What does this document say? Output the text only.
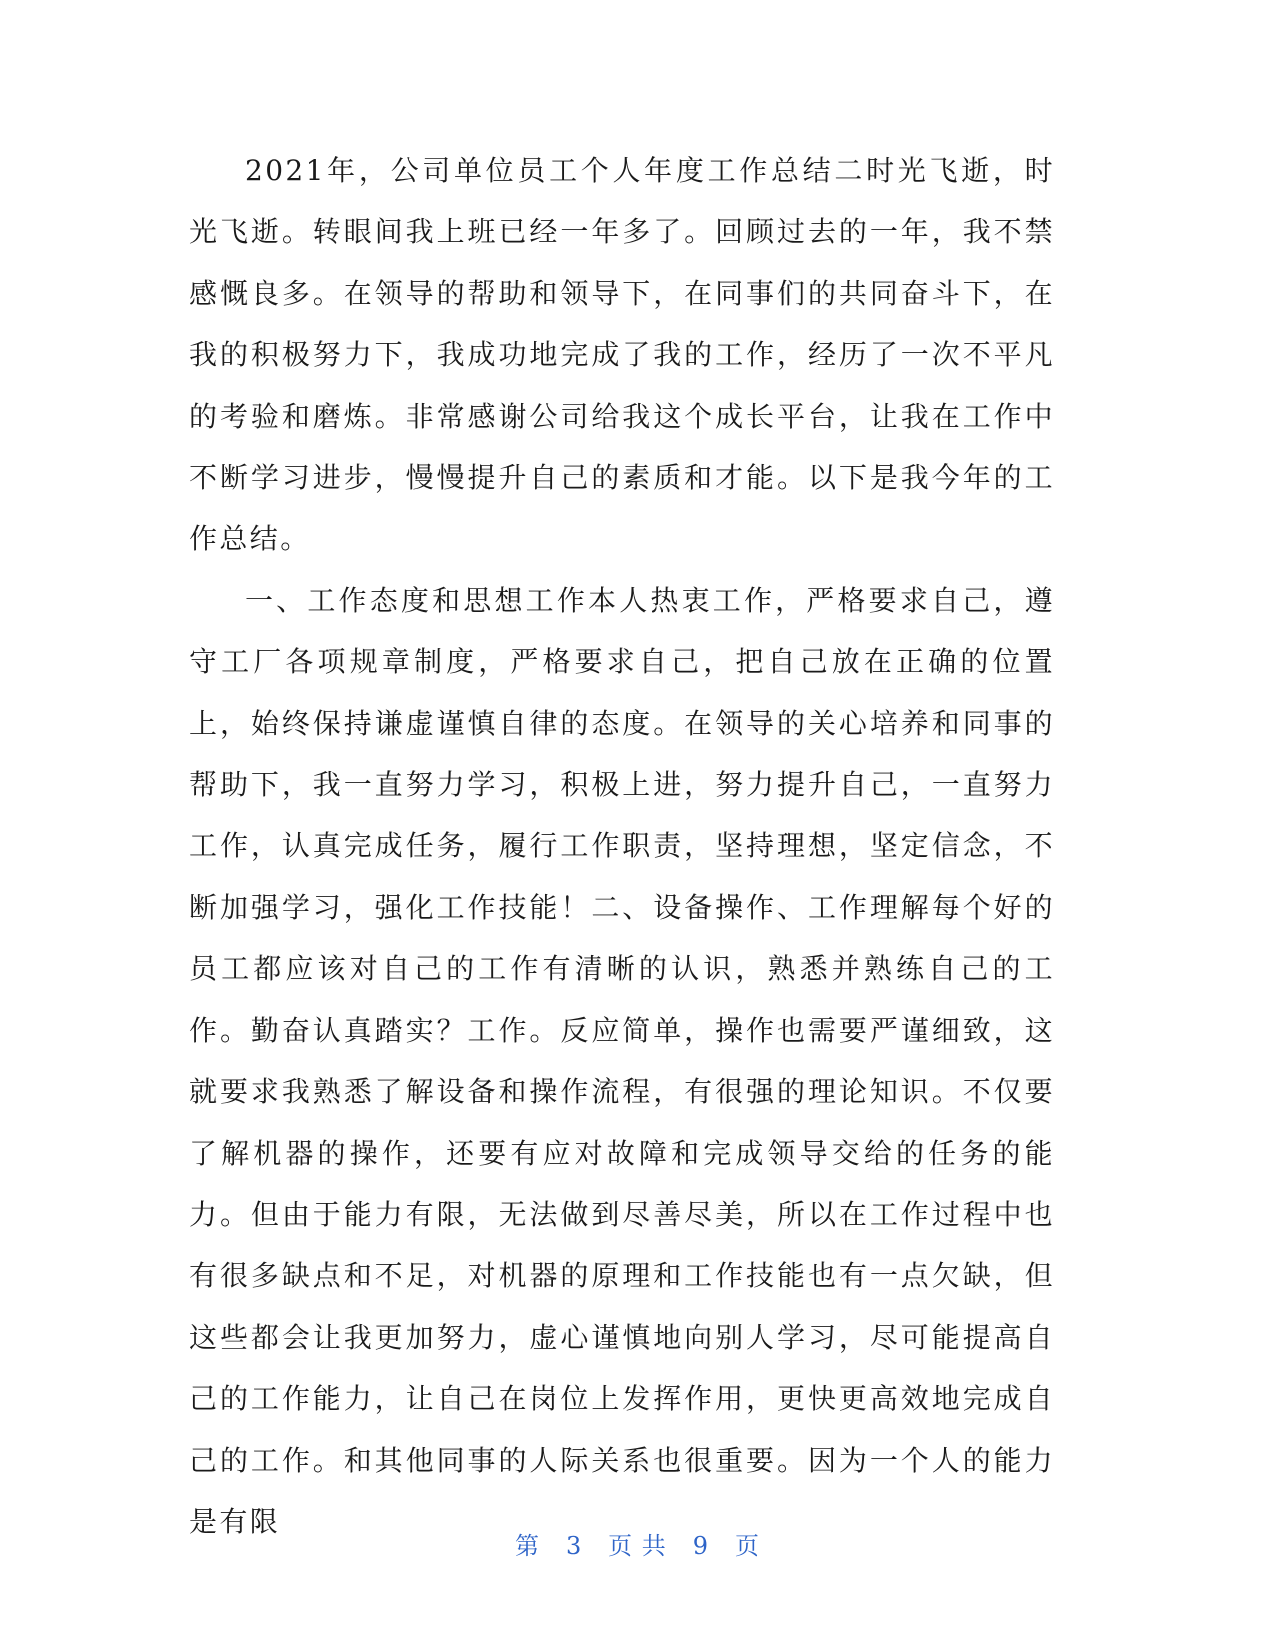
2021年，公司单位员工个人年度工作总结二时光飞逝，时光飞逝。转眼间我上班已经一年多了。回顾过去的一年，我不禁感慨良多。在领导的帮助和领导下，在同事们的共同奋斗下，在我的积极努力下，我成功地完成了我的工作，经历了一次不平凡的考验和磨炼。非常感谢公司给我这个成长平台，让我在工作中不断学习进步，慢慢提升自己的素质和才能。以下是我今年的工作总结。

一、工作态度和思想工作本人热衷工作，严格要求自己，遵守工厂各项规章制度，严格要求自己，把自己放在正确的位置上，始终保持谦虚谨慎自律的态度。在领导的关心培养和同事的帮助下，我一直努力学习，积极上进，努力提升自己，一直努力工作，认真完成任务，履行工作职责，坚持理想，坚定信念，不断加强学习，强化工作技能！二、设备操作、工作理解每个好的员工都应该对自己的工作有清晰的认识，熟悉并熟练自己的工作。勤奋认真踏实？工作。反应简单，操作也需要严谨细致，这就要求我熟悉了解设备和操作流程，有很强的理论知识。不仅要了解机器的操作，还要有应对故障和完成领导交给的任务的能力。但由于能力有限，无法做到尽善尽美，所以在工作过程中也有很多缺点和不足，对机器的原理和工作技能也有一点欠缺，但这些都会让我更加努力，虚心谨慎地向别人学习，尽可能提高自己的工作能力，让自己在岗位上发挥作用，更快更高效地完成自己的工作。和其他同事的人际关系也很重要。因为一个人的能力是有限

第 3 页 共 9 页
